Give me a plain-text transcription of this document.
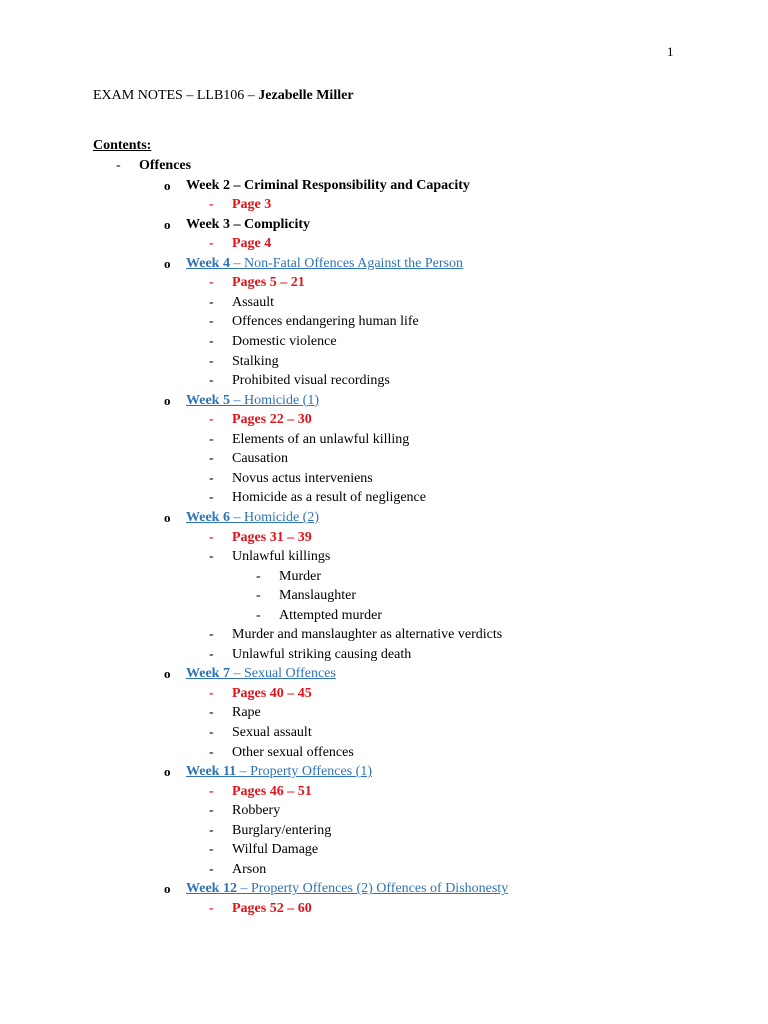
1
EXAM NOTES – LLB106 – Jezabelle Miller
Contents:
- Offences
o Week 2 – Criminal Responsibility and Capacity
- Page 3
o Week 3 – Complicity
- Page 4
o Week 4 – Non-Fatal Offences Against the Person
- Pages 5 – 21
- Assault
- Offences endangering human life
- Domestic violence
- Stalking
- Prohibited visual recordings
o Week 5 – Homicide (1)
- Pages 22 – 30
- Elements of an unlawful killing
- Causation
- Novus actus interveniens
- Homicide as a result of negligence
o Week 6 – Homicide (2)
- Pages 31 – 39
- Unlawful killings
- Murder
- Manslaughter
- Attempted murder
- Murder and manslaughter as alternative verdicts
- Unlawful striking causing death
o Week 7 – Sexual Offences
- Pages 40 – 45
- Rape
- Sexual assault
- Other sexual offences
o Week 11 – Property Offences (1)
- Pages 46 – 51
- Robbery
- Burglary/entering
- Wilful Damage
- Arson
o Week 12 – Property Offences (2) Offences of Dishonesty
- Pages 52 – 60
